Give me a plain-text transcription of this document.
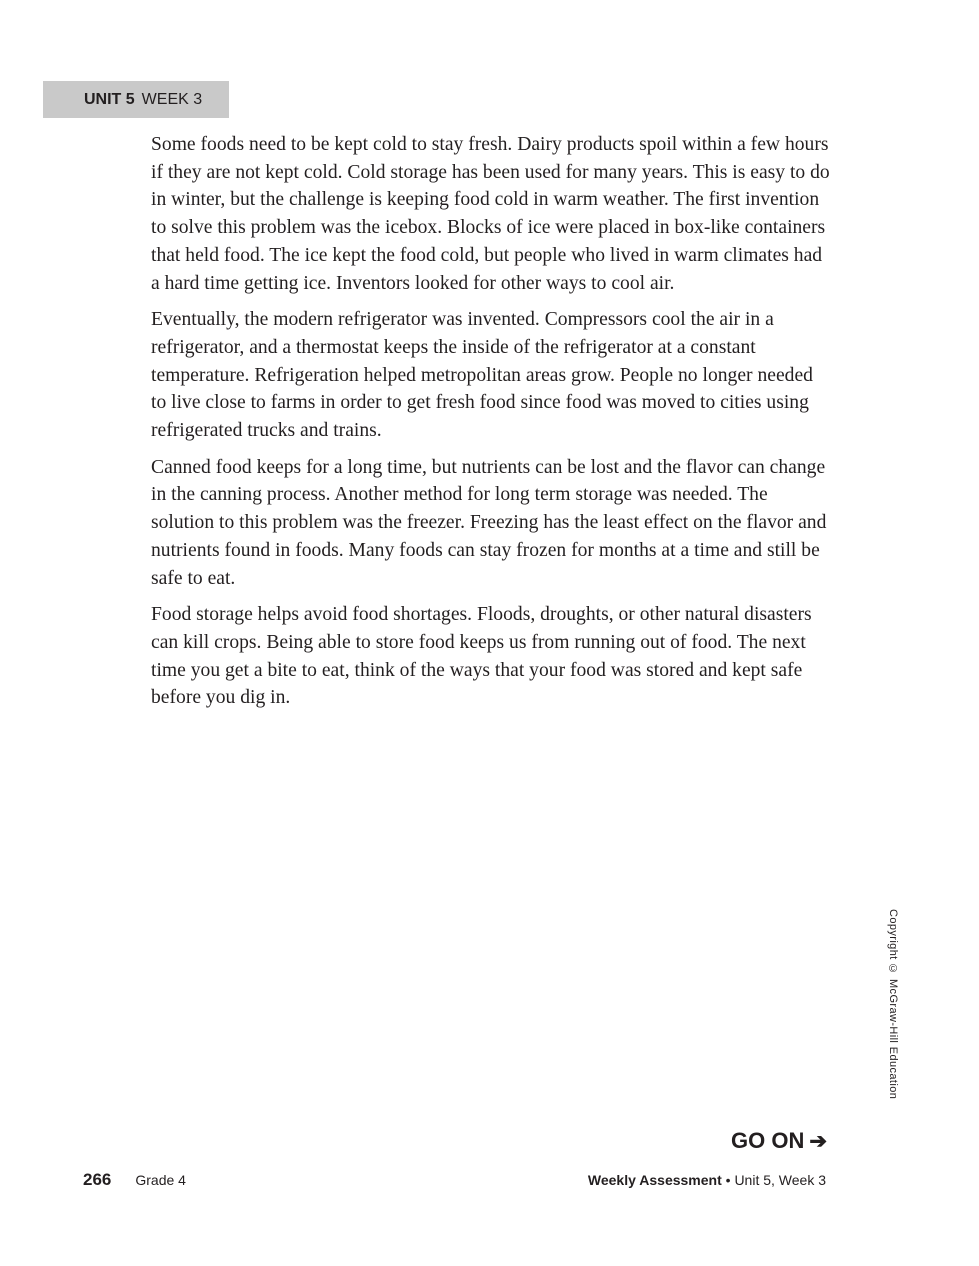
UNIT 5 WEEK 3

Some foods need to be kept cold to stay fresh. Dairy products spoil within a few hours if they are not kept cold. Cold storage has been used for many years. This is easy to do in winter, but the challenge is keeping food cold in warm weather. The first invention to solve this problem was the icebox. Blocks of ice were placed in box-like containers that held food. The ice kept the food cold, but people who lived in warm climates had a hard time getting ice. Inventors looked for other ways to cool air.

Eventually, the modern refrigerator was invented. Compressors cool the air in a refrigerator, and a thermostat keeps the inside of the refrigerator at a constant temperature. Refrigeration helped metropolitan areas grow. People no longer needed to live close to farms in order to get fresh food since food was moved to cities using refrigerated trucks and trains.

Canned food keeps for a long time, but nutrients can be lost and the flavor can change in the canning process. Another method for long term storage was needed. The solution to this problem was the freezer. Freezing has the least effect on the flavor and nutrients found in foods. Many foods can stay frozen for months at a time and still be safe to eat.

Food storage helps avoid food shortages. Floods, droughts, or other natural disasters can kill crops. Being able to store food keeps us from running out of food. The next time you get a bite to eat, think of the ways that your food was stored and kept safe before you dig in.

Copyright © McGraw-Hill Education
GO ON ➔
266 Grade 4	Weekly Assessment • Unit 5, Week 3
